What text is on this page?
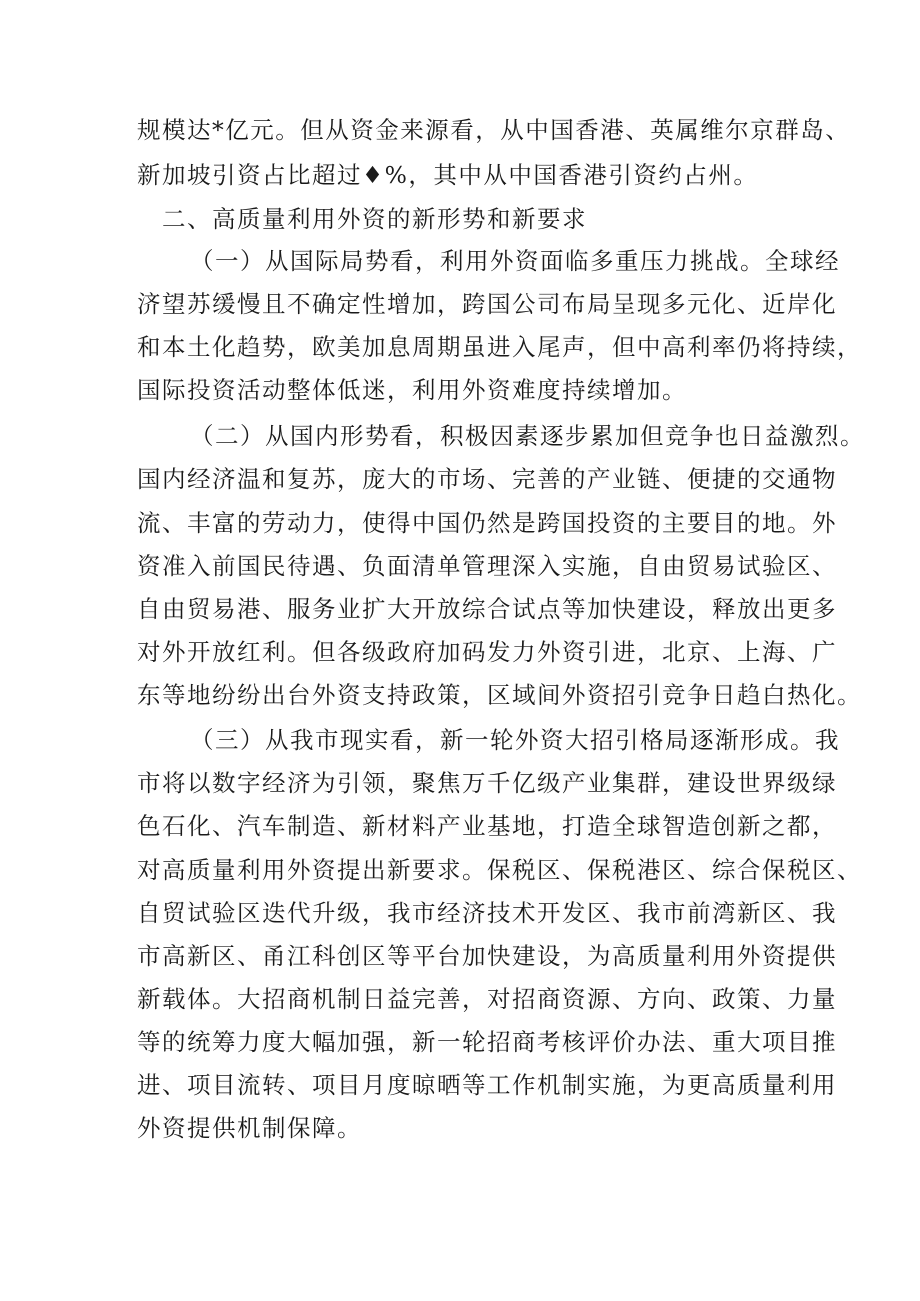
规模达*亿元。但从资金来源看，从中国香港、英属维尔京群岛、
新加坡引资占比超过♦%，其中从中国香港引资约占州。
二、高质量利用外资的新形势和新要求
（一）从国际局势看，利用外资面临多重压力挑战。全球经
济望苏缓慢且不确定性增加，跨国公司布局呈现多元化、近岸化
和本土化趋势，欧美加息周期虽进入尾声，但中高利率仍将持续，
国际投资活动整体低迷，利用外资难度持续增加。
（二）从国内形势看，积极因素逐步累加但竞争也日益激烈。
国内经济温和复苏，庞大的市场、完善的产业链、便捷的交通物
流、丰富的劳动力，使得中国仍然是跨国投资的主要目的地。外
资准入前国民待遇、负面清单管理深入实施，自由贸易试验区、
自由贸易港、服务业扩大开放综合试点等加快建设，释放出更多
对外开放红利。但各级政府加码发力外资引进，北京、上海、广
东等地纷纷出台外资支持政策，区域间外资招引竞争日趋白热化。
（三）从我市现实看，新一轮外资大招引格局逐渐形成。我
市将以数字经济为引领，聚焦万千亿级产业集群，建设世界级绿
色石化、汽车制造、新材料产业基地，打造全球智造创新之都，
对高质量利用外资提出新要求。保税区、保税港区、综合保税区、
自贸试验区迭代升级，我市经济技术开发区、我市前湾新区、我
市高新区、甬江科创区等平台加快建设，为高质量利用外资提供
新载体。大招商机制日益完善，对招商资源、方向、政策、力量
等的统筹力度大幅加强，新一轮招商考核评价办法、重大项目推
进、项目流转、项目月度晾晒等工作机制实施，为更高质量利用
外资提供机制保障。
